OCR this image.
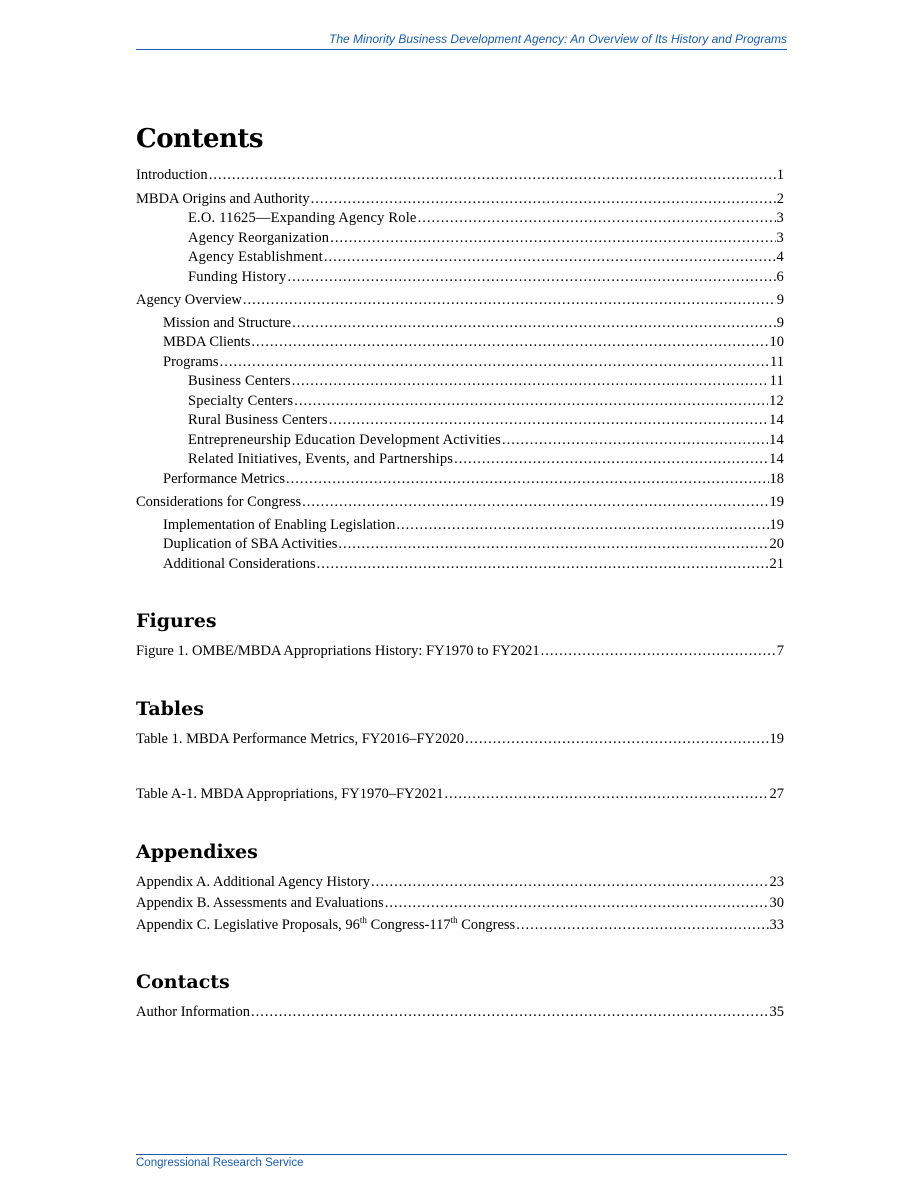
The Minority Business Development Agency: An Overview of Its History and Programs
Contents
Introduction .....	1
MBDA Origins and Authority .....	2
E.O. 11625—Expanding Agency Role .....	3
Agency Reorganization .....	3
Agency Establishment .....	4
Funding History .....	6
Agency Overview .....	9
Mission and Structure .....	9
MBDA Clients .....	10
Programs .....	11
Business Centers .....	11
Specialty Centers .....	12
Rural Business Centers .....	14
Entrepreneurship Education Development Activities .....	14
Related Initiatives, Events, and Partnerships .....	14
Performance Metrics .....	18
Considerations for Congress .....	19
Implementation of Enabling Legislation .....	19
Duplication of SBA Activities .....	20
Additional Considerations .....	21
Figures
Figure 1. OMBE/MBDA Appropriations History: FY1970 to FY2021 .....	7
Tables
Table 1. MBDA Performance Metrics, FY2016–FY2020 .....	19
Table A-1. MBDA Appropriations, FY1970–FY2021 .....	27
Appendixes
Appendix A. Additional Agency History .....	23
Appendix B. Assessments and Evaluations .....	30
Appendix C. Legislative Proposals, 96th Congress-117th Congress .....	33
Contacts
Author Information .....	35
Congressional Research Service
